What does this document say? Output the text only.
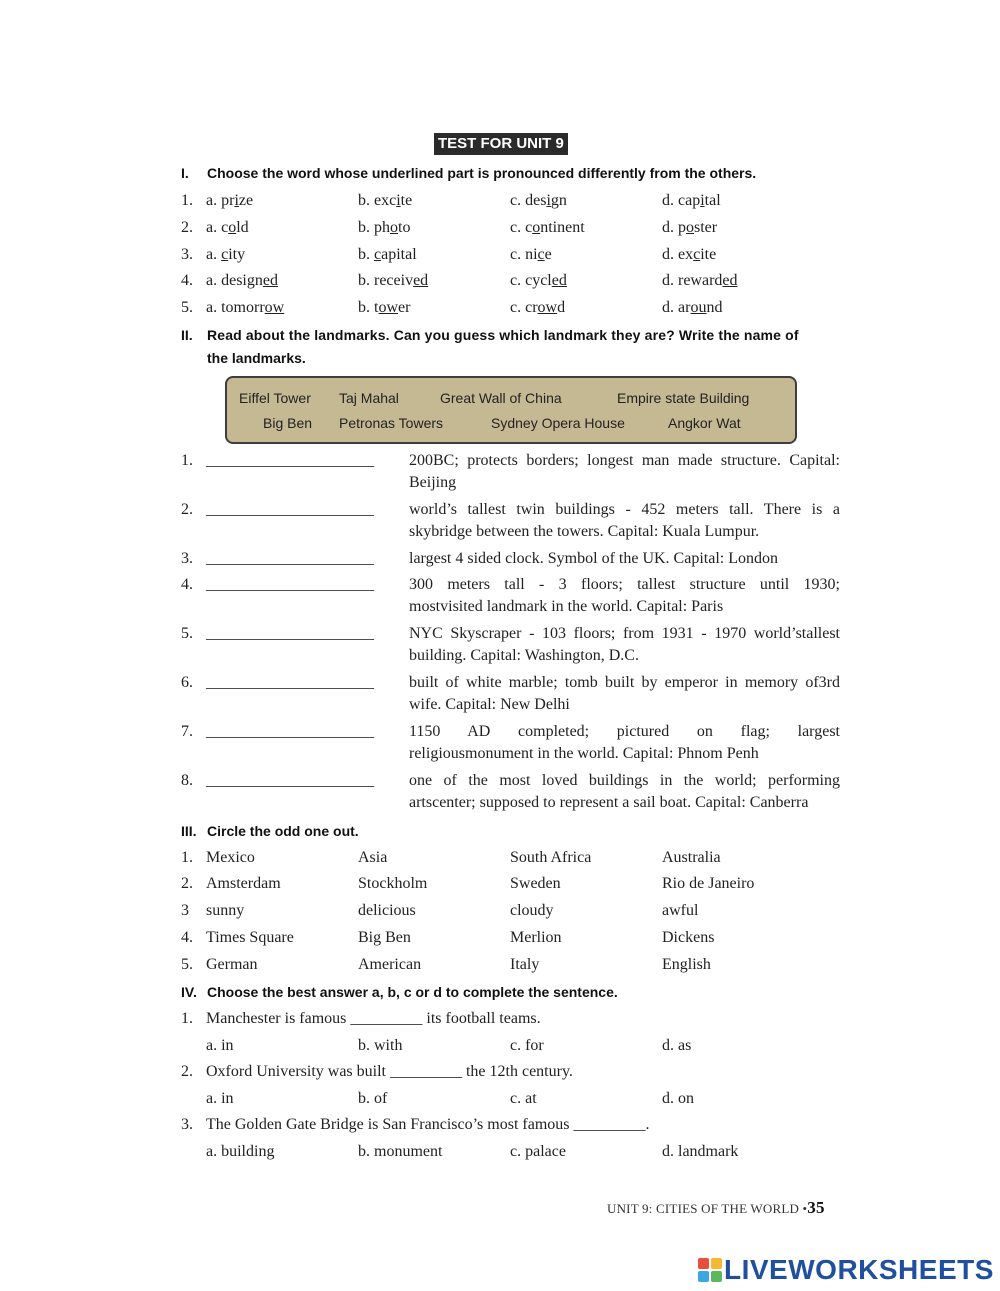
TEST FOR UNIT 9
I. Choose the word whose underlined part is pronounced differently from the others.
1. a. prize	b. excite	c. design	d. capital
2. a. cold	b. photo	c. continent	d. poster
3. a. city	b. capital	c. nice	d. excite
4. a. designed	b. received	c. cycled	d. rewarded
5. a. tomorrow	b. tower	c. crowd	d. around
II. Read about the landmarks. Can you guess which landmark they are? Write the name of
the landmarks.
Eiffel Tower Taj Mahal	Great Wall of China	Empire state Building
Big Ben Petronas Towers	Sydney Opera House	Angkor Wat
1. _____________________ 200BC; protects borders; longest man made structure. Capital:
Beijing
2. _____________________ world’s tallest twin buildings - 452 meters tall. There is a
skybridge between the towers. Capital: Kuala Lumpur.
3. _____________________ largest 4 sided clock. Symbol of the UK. Capital: London
4. _____________________ 300 meters tall - 3 floors; tallest structure until 1930;
mostvisited landmark in the world. Capital: Paris
5. _____________________ NYC Skyscraper - 103 floors; from 1931 - 1970 world’stallest
building. Capital: Washington, D.C.
6. _____________________ built of white marble; tomb built by emperor in memory of3rd
wife. Capital: New Delhi
7. _____________________ 1150 AD completed; pictured on flag; largest
religiousmonument in the world. Capital: Phnom Penh
8. _____________________ one of the most loved buildings in the world; performing
artscenter; supposed to represent a sail boat. Capital: Canberra
III. Circle the odd one out.
1. Mexico	Asia	South Africa	Australia
2. Amsterdam	Stockholm	Sweden	Rio de Janeiro
3 sunny	delicious	cloudy	awful
4. Times Square	Big Ben	Merlion	Dickens
5. German	American	Italy	English
IV. Choose the best answer a, b, c or d to complete the sentence.
1. Manchester is famous _________ its football teams.
a. in	b. with	c. for	d. as
2. Oxford University was built _________ the 12th century.
a. in	b. of	c. at	d. on
3. The Golden Gate Bridge is San Francisco’s most famous _________.
a. building	b. monument	c. palace	d. landmark
UNIT 9: CITIES OF THE WORLD •35
LIVEWORKSHEETS
